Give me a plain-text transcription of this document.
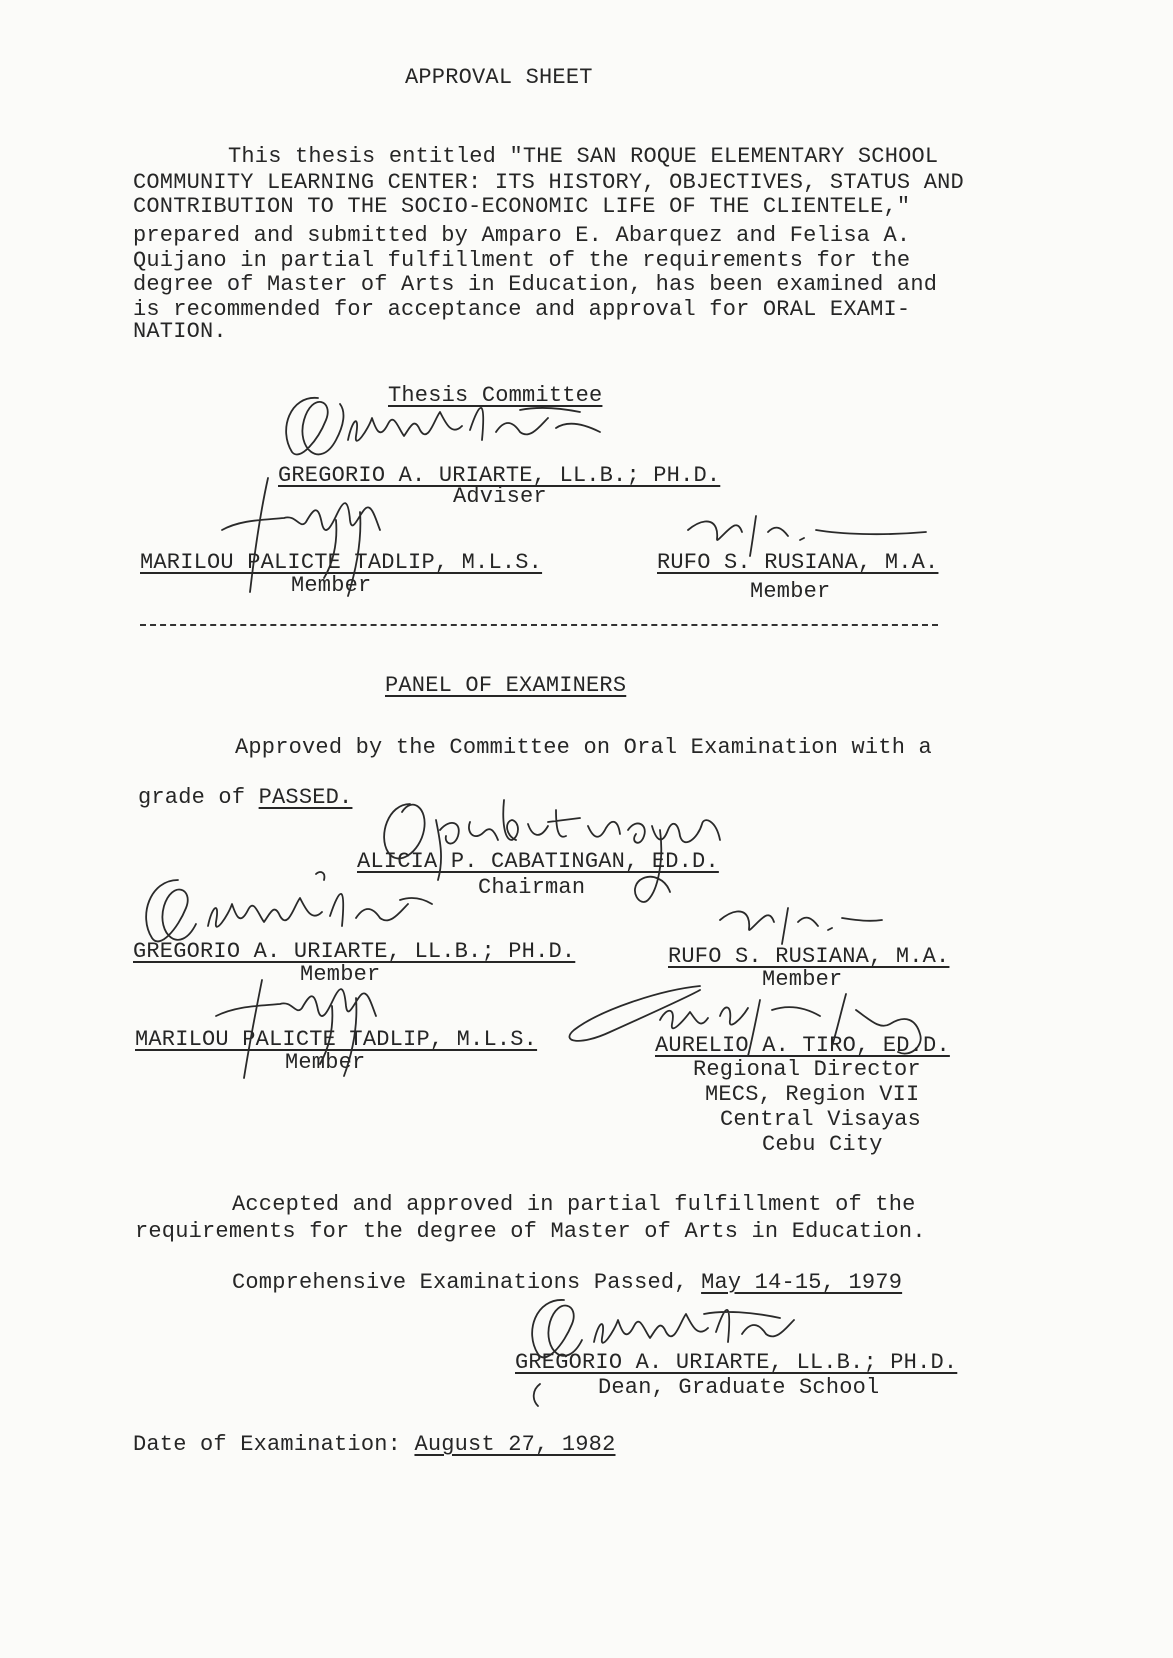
APPROVAL SHEET
This thesis entitled "THE SAN ROQUE ELEMENTARY SCHOOL
COMMUNITY LEARNING CENTER: ITS HISTORY, OBJECTIVES, STATUS AND
CONTRIBUTION TO THE SOCIO-ECONOMIC LIFE OF THE CLIENTELE,"
prepared and submitted by Amparo E. Abarquez and Felisa A.
Quijano in partial fulfillment of the requirements for the
degree of Master of Arts in Education, has been examined and
is recommended for acceptance and approval for ORAL EXAMI-
NATION.
Thesis Committee
GREGORIO A. URIARTE, LL.B.; PH.D.
Adviser
MARILOU PALICTE TADLIP, M.L.S.
Member
RUFO S. RUSIANA, M.A.
Member
PANEL OF EXAMINERS
Approved by the Committee on Oral Examination with a
grade of PASSED.
ALICIA P. CABATINGAN, ED.D.
Chairman
GREGORIO A. URIARTE, LL.B.; PH.D.
Member
RUFO S. RUSIANA, M.A.
Member
MARILOU PALICTE TADLIP, M.L.S.
Member
AURELIO A. TIRO, ED.D.
Regional Director
MECS, Region VII
Central Visayas
Cebu City
Accepted and approved in partial fulfillment of the
requirements for the degree of Master of Arts in Education.
Comprehensive Examinations Passed, May 14-15, 1979
GREGORIO A. URIARTE, LL.B.; PH.D.
Dean, Graduate School
Date of Examination: August 27, 1982
